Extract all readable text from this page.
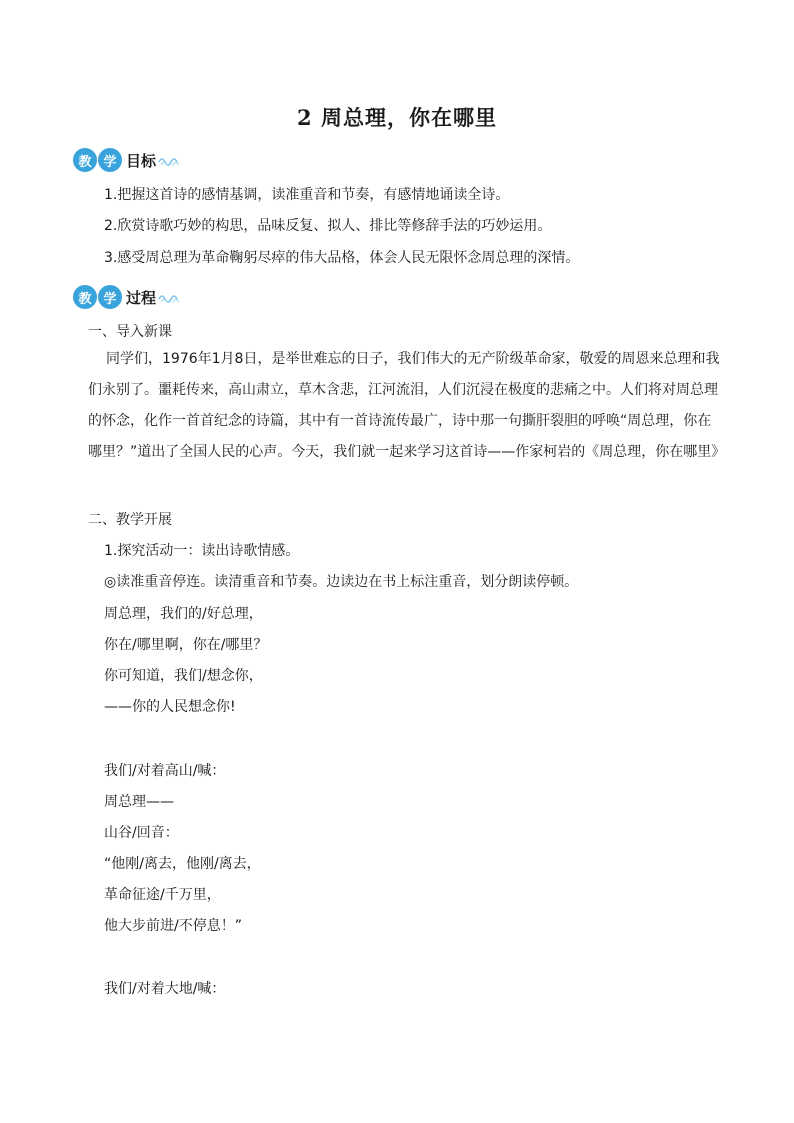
2 周总理，你在哪里
教 学 目标

1.把握这首诗的感情基调，读准重音和节奏，有感情地诵读全诗。

2.欣赏诗歌巧妙的构思，品味反复、拟人、排比等修辞手法的巧妙运用。

3.感受周总理为革命鞠躬尽瘁的伟大品格，体会人民无限怀念周总理的深情。

教 学 过程

一、导入新课

同学们，1976年1月8日，是举世难忘的日子，我们伟大的无产阶级革命家，敬爱的周恩来总理和我们永别了。噩耗传来，高山肃立，草木含悲，江河流泪，人们沉浸在极度的悲痛之中。人们将对周总理的怀念，化作一首首纪念的诗篇，其中有一首诗流传最广，诗中那一句撕肝裂胆的呼唤“周总理，你在哪里？”道出了全国人民的心声。今天，我们就一起来学习这首诗——作家柯岩的《周总理，你在哪里》

二、教学开展

1.探究活动一：读出诗歌情感。

◎读准重音停连。读清重音和节奏。边读边在书上标注重音，划分朗读停顿。

周总理，我们的/好总理，

你在/哪里啊，你在/哪里？

你可知道，我们/想念你，

——你的人民想念你!

我们/对着高山/喊：

周总理——

山谷/回音：

“他刚/离去，他刚/离去，

革命征途/千万里，

他大步前进/不停息！”

我们/对着大地/喊：
